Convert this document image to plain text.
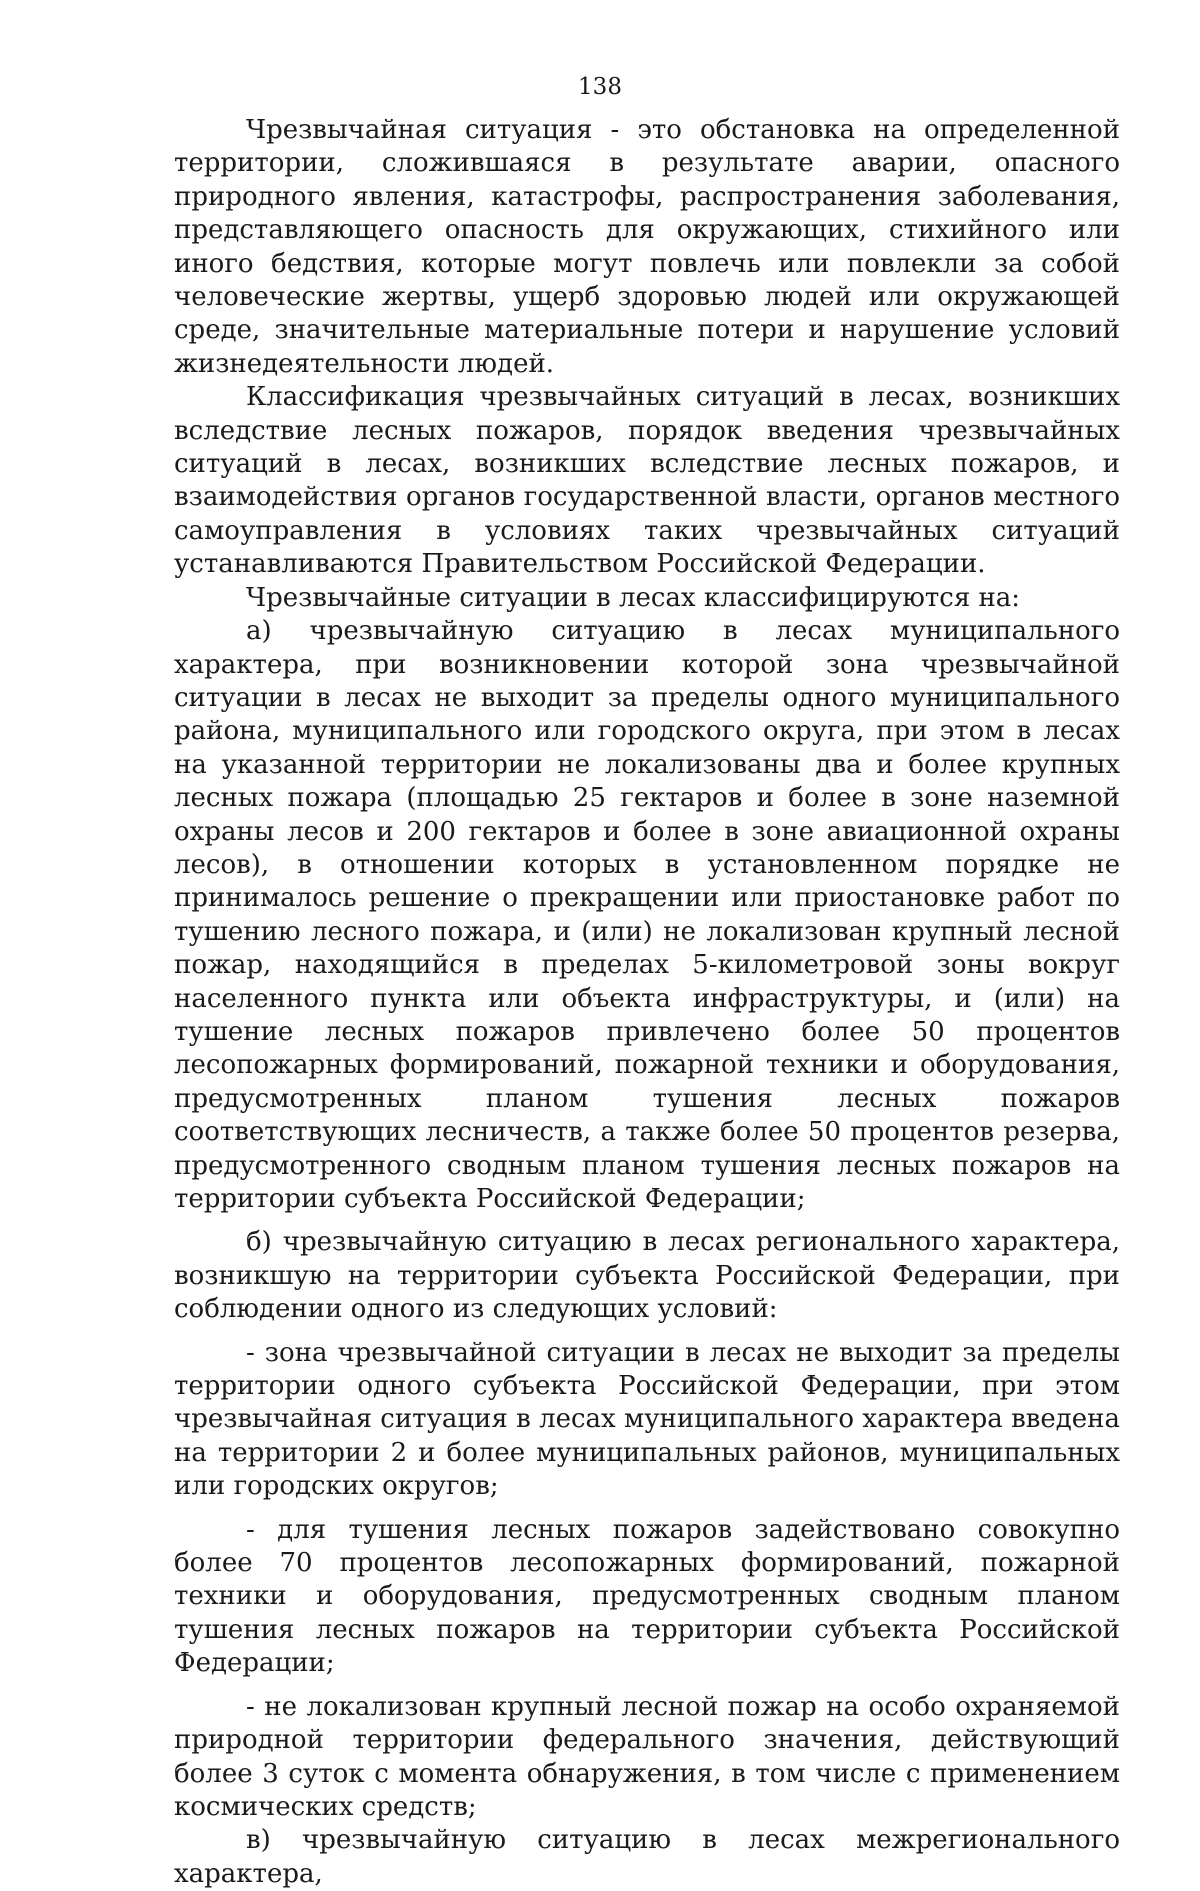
138

Чрезвычайная ситуация - это обстановка на определенной территории, сложившаяся в результате аварии, опасного природного явления, катастрофы, распространения заболевания, представляющего опасность для окружающих, стихийного или иного бедствия, которые могут повлечь или повлекли за собой человеческие жертвы, ущерб здоровью людей или окружающей среде, значительные материальные потери и нарушение условий жизнедеятельности людей.

Классификация чрезвычайных ситуаций в лесах, возникших вследствие лесных пожаров, порядок введения чрезвычайных ситуаций в лесах, возникших вследствие лесных пожаров, и взаимодействия органов государственной власти, органов местного самоуправления в условиях таких чрезвычайных ситуаций устанавливаются Правительством Российской Федерации.

Чрезвычайные ситуации в лесах классифицируются на:

а) чрезвычайную ситуацию в лесах муниципального характера, при возникновении которой зона чрезвычайной ситуации в лесах не выходит за пределы одного муниципального района, муниципального или городского округа, при этом в лесах на указанной территории не локализованы два и более крупных лесных пожара (площадью 25 гектаров и более в зоне наземной охраны лесов и 200 гектаров и более в зоне авиационной охраны лесов), в отношении которых в установленном порядке не принималось решение о прекращении или приостановке работ по тушению лесного пожара, и (или) не локализован крупный лесной пожар, находящийся в пределах 5-километровой зоны вокруг населенного пункта или объекта инфраструктуры, и (или) на тушение лесных пожаров привлечено более 50 процентов лесопожарных формирований, пожарной техники и оборудования, предусмотренных планом тушения лесных пожаров соответствующих лесничеств, а также более 50 процентов резерва, предусмотренного сводным планом тушения лесных пожаров на территории субъекта Российской Федерации;

б) чрезвычайную ситуацию в лесах регионального характера, возникшую на территории субъекта Российской Федерации, при соблюдении одного из следующих условий:

- зона чрезвычайной ситуации в лесах не выходит за пределы территории одного субъекта Российской Федерации, при этом чрезвычайная ситуация в лесах муниципального характера введена на территории 2 и более муниципальных районов, муниципальных или городских округов;

- для тушения лесных пожаров задействовано совокупно более 70 процентов лесопожарных формирований, пожарной техники и оборудования, предусмотренных сводным планом тушения лесных пожаров на территории субъекта Российской Федерации;

- не локализован крупный лесной пожар на особо охраняемой природной территории федерального значения, действующий более 3 суток с момента обнаружения, в том числе с применением космических средств;

в) чрезвычайную ситуацию в лесах межрегионального характера,
